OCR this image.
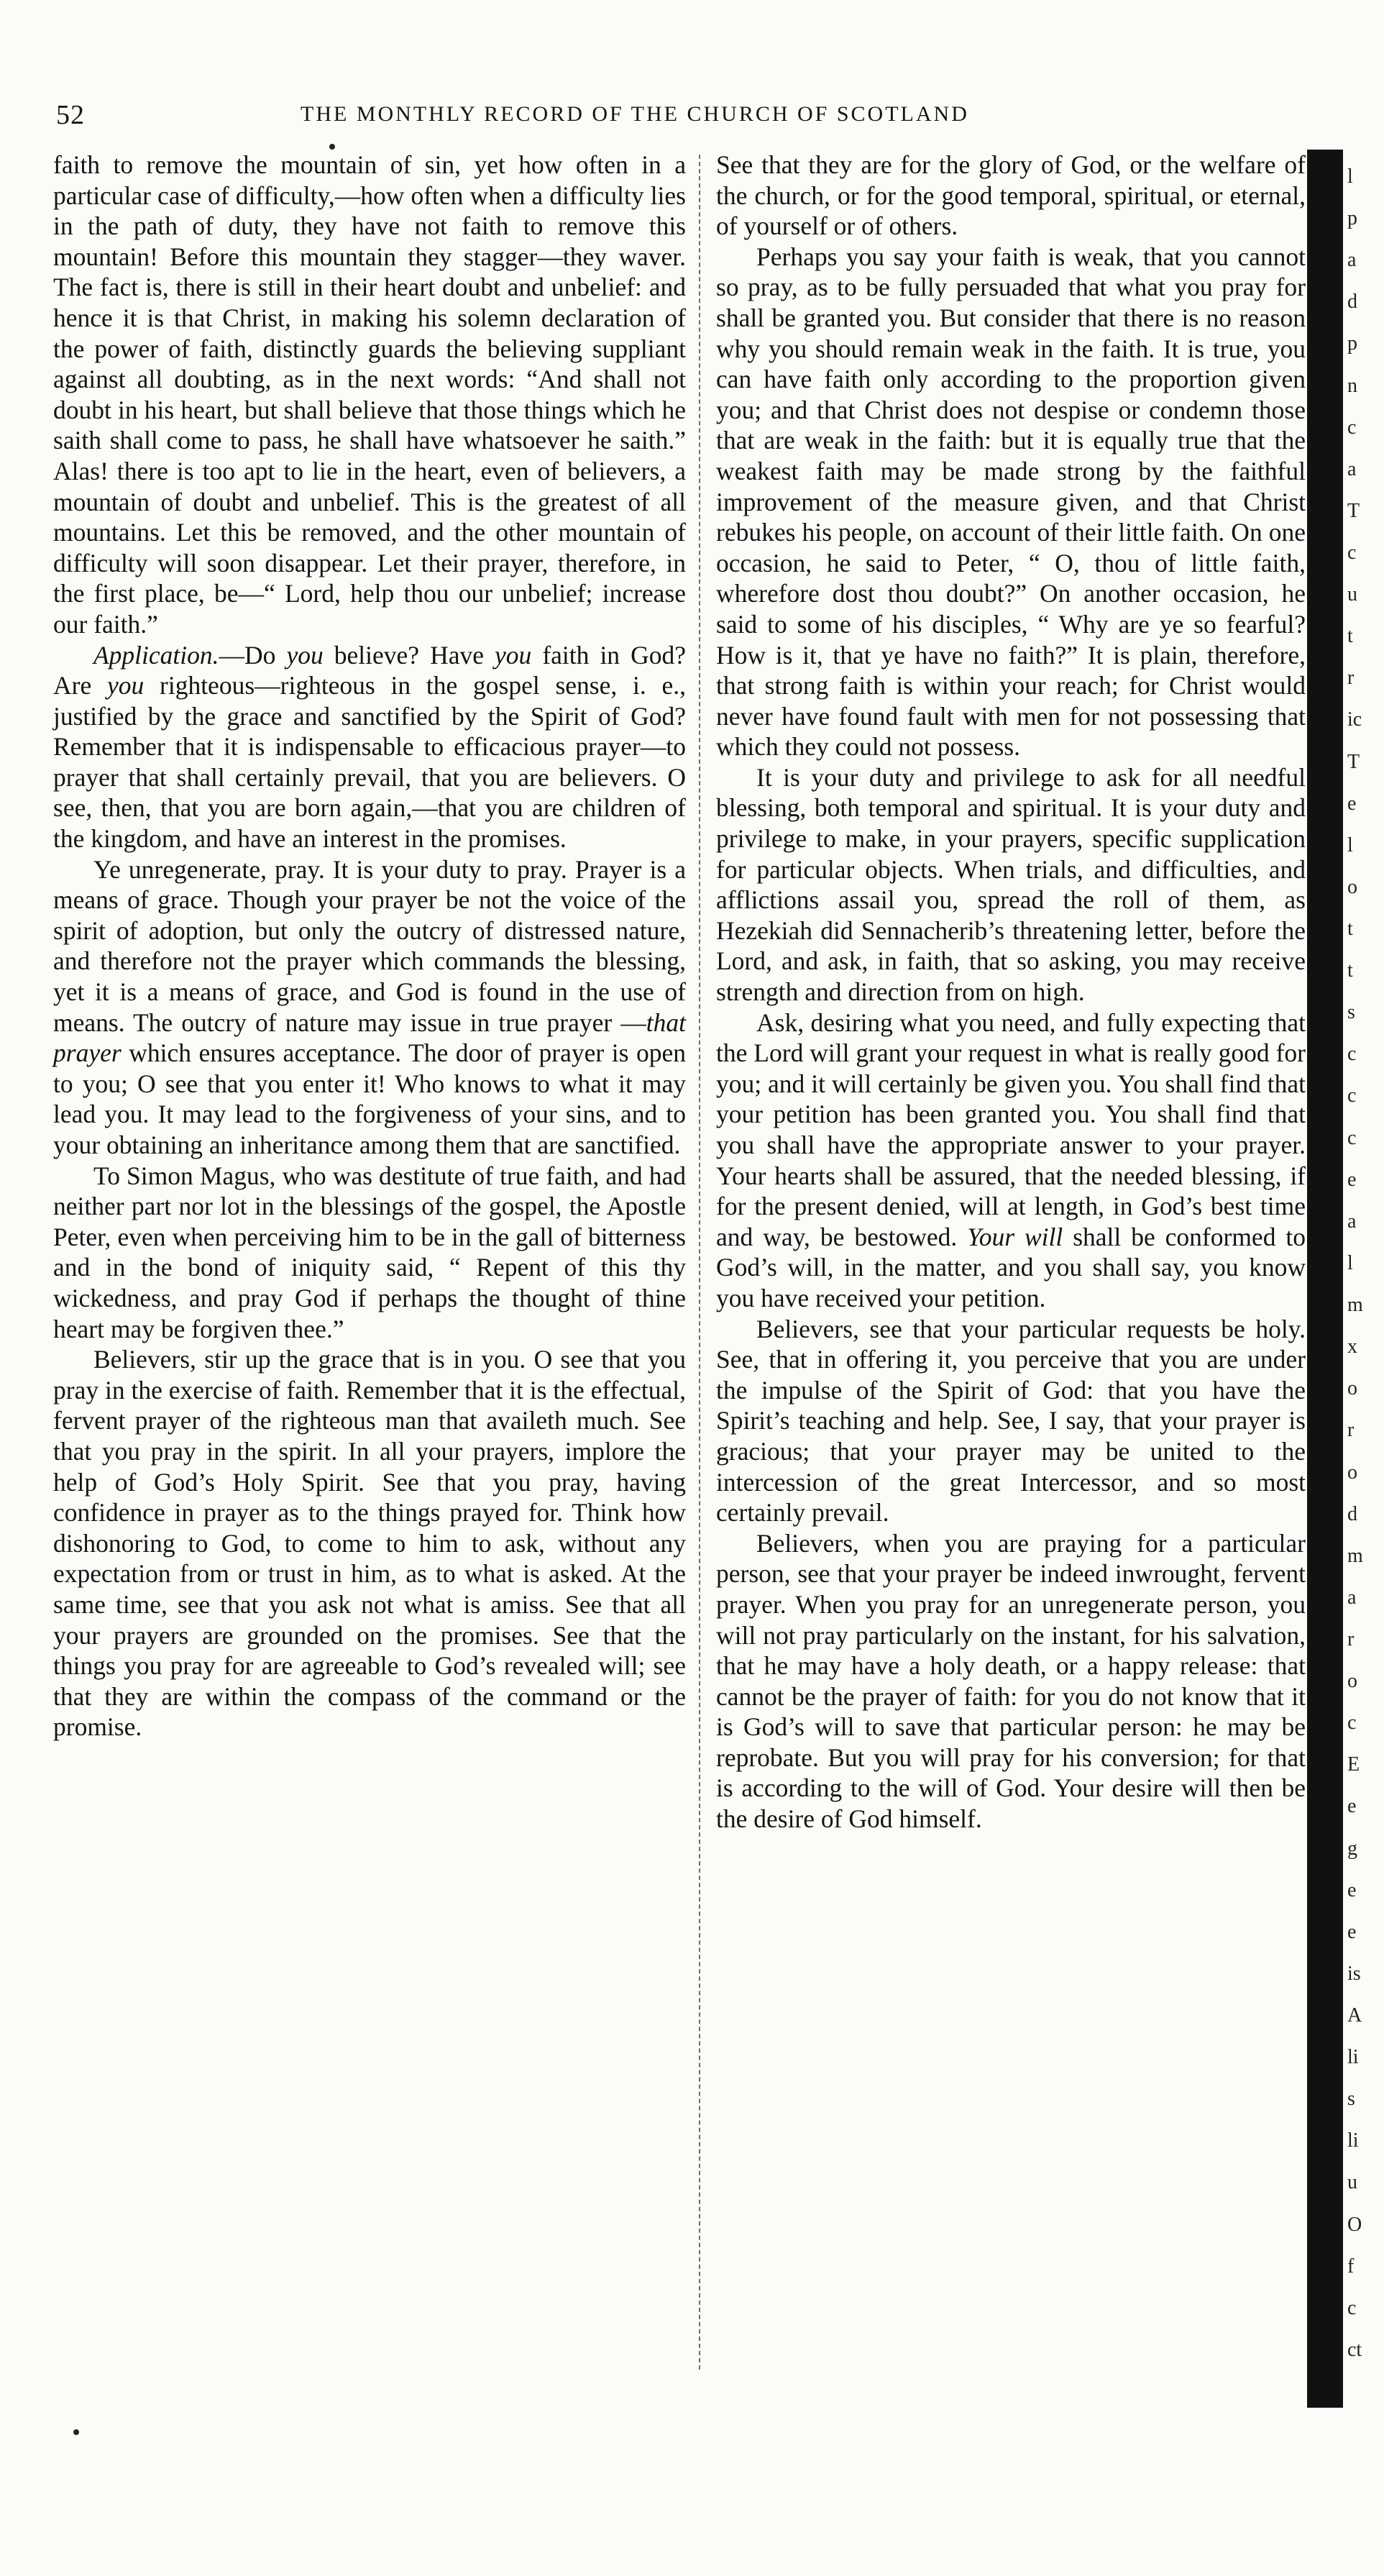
52	THE MONTHLY RECORD OF THE CHURCH OF SCOTLAND

faith to remove the mountain of sin, yet how often in a particular case of difficulty,—how often when a difficulty lies in the path of duty, they have not faith to remove this mountain! Before this mountain they stagger—they waver. The fact is, there is still in their heart doubt and unbelief: and hence it is that Christ, in making his solemn declaration of the power of faith, distinctly guards the believing suppliant against all doubting, as in the next words: “And shall not doubt in his heart, but shall believe that those things which he saith shall come to pass, he shall have whatsoever he saith.” Alas! there is too apt to lie in the heart, even of believers, a mountain of doubt and unbelief. This is the greatest of all mountains. Let this be removed, and the other mountain of difficulty will soon disappear. Let their prayer, therefore, in the first place, be—“ Lord, help thou our unbelief; increase our faith.”

Application.—Do you believe? Have you faith in God? Are you righteous—righteous in the gospel sense, i. e., justified by the grace and sanctified by the Spirit of God? Remember that it is indispensable to efficacious prayer—to prayer that shall certainly prevail, that you are believers. O see, then, that you are born again,—that you are children of the kingdom, and have an interest in the promises.

Ye unregenerate, pray. It is your duty to pray. Prayer is a means of grace. Though your prayer be not the voice of the spirit of adoption, but only the outcry of distressed nature, and therefore not the prayer which commands the blessing, yet it is a means of grace, and God is found in the use of means. The outcry of nature may issue in true prayer —that prayer which ensures acceptance. The door of prayer is open to you; O see that you enter it! Who knows to what it may lead you. It may lead to the forgiveness of your sins, and to your obtaining an inheritance among them that are sanctified.

To Simon Magus, who was destitute of true faith, and had neither part nor lot in the blessings of the gospel, the Apostle Peter, even when perceiving him to be in the gall of bitterness and in the bond of iniquity said, “ Repent of this thy wickedness, and pray God if perhaps the thought of thine heart may be forgiven thee.”

Believers, stir up the grace that is in you. O see that you pray in the exercise of faith. Remember that it is the effectual, fervent prayer of the righteous man that availeth much. See that you pray in the spirit. In all your prayers, implore the help of God’s Holy Spirit. See that you pray, having confidence in prayer as to the things prayed for. Think how dishonoring to God, to come to him to ask, without any expectation from or trust in him, as to what is asked. At the same time, see that you ask not what is amiss. See that all your prayers are grounded on the promises. See that the things you pray for are agreeable to God’s revealed will; see that they are within the compass of the command or the promise.

See that they are for the glory of God, or the welfare of the church, or for the good temporal, spiritual, or eternal, of yourself or of others.

Perhaps you say your faith is weak, that you cannot so pray, as to be fully persuaded that what you pray for shall be granted you. But consider that there is no reason why you should remain weak in the faith. It is true, you can have faith only according to the proportion given you; and that Christ does not despise or condemn those that are weak in the faith: but it is equally true that the weakest faith may be made strong by the faithful improvement of the measure given, and that Christ rebukes his people, on account of their little faith. On one occasion, he said to Peter, “ O, thou of little faith, wherefore dost thou doubt?” On another occasion, he said to some of his disciples, “ Why are ye so fearful? How is it, that ye have no faith?” It is plain, therefore, that strong faith is within your reach; for Christ would never have found fault with men for not possessing that which they could not possess.

It is your duty and privilege to ask for all needful blessing, both temporal and spiritual. It is your duty and privilege to make, in your prayers, specific supplication for particular objects. When trials, and difficulties, and afflictions assail you, spread the roll of them, as Hezekiah did Sennacherib’s threatening letter, before the Lord, and ask, in faith, that so asking, you may receive strength and direction from on high.

Ask, desiring what you need, and fully expecting that the Lord will grant your request in what is really good for you; and it will certainly be given you. You shall find that your petition has been granted you. You shall find that you shall have the appropriate answer to your prayer. Your hearts shall be assured, that the needed blessing, if for the present denied, will at length, in God’s best time and way, be bestowed. Your will shall be conformed to God’s will, in the matter, and you shall say, you know you have received your petition.

Believers, see that your particular requests be holy. See, that in offering it, you perceive that you are under the impulse of the Spirit of God: that you have the Spirit’s teaching and help. See, I say, that your prayer is gracious; that your prayer may be united to the intercession of the great Intercessor, and so most certainly prevail.

Believers, when you are praying for a particular person, see that your prayer be indeed inwrought, fervent prayer. When you pray for an unregenerate person, you will not pray particularly on the instant, for his salvation, that he may have a holy death, or a happy release: that cannot be the prayer of faith: for you do not know that it is God’s will to save that particular person: he may be reprobate. But you will pray for his conversion; for that is according to the will of God. Your desire will then be the desire of God himself.

l
p
a
d
p
n
c
a
T
c
u
t
r
ic
T
e
l
o
t
t
s
c
c
c
e
a
l
m
x
o
r
o
d
m
a
r
o
c
E
e
g
e
e
is
A
li
s
li
u
O
f
c
ct
